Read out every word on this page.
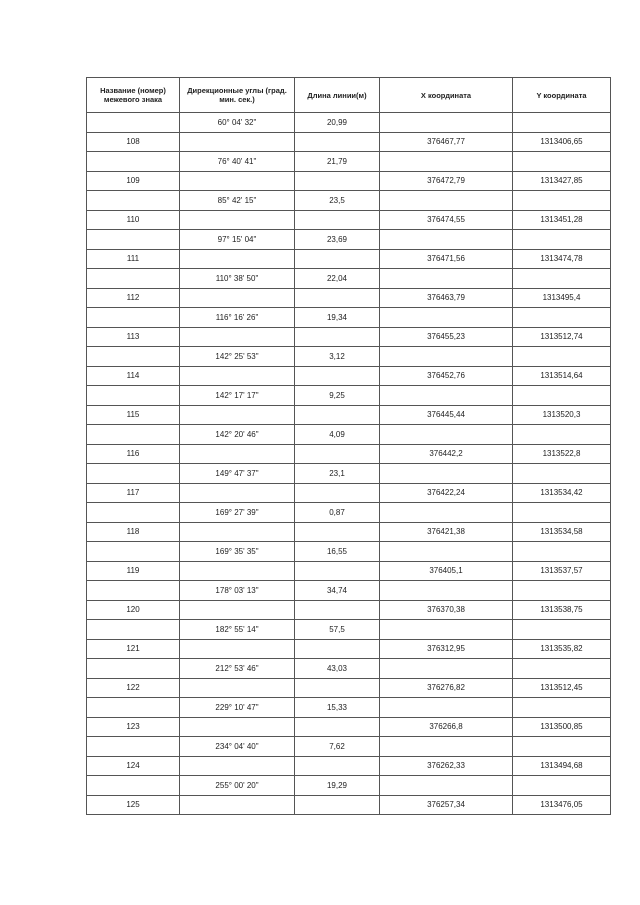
Название (номер) межевого знака	Дирекционные углы (град. мин. сек.)	Длина линии(м)	X координата	Y координата
	60° 04' 32"	20,99		
108			376467,77	1313406,65
	76° 40' 41"	21,79		
109			376472,79	1313427,85
	85° 42' 15"	23,5		
110			376474,55	1313451,28
	97° 15' 04"	23,69		
111			376471,56	1313474,78
	110° 38' 50"	22,04		
112			376463,79	1313495,4
	116° 16' 26"	19,34		
113			376455,23	1313512,74
	142° 25' 53"	3,12		
114			376452,76	1313514,64
	142° 17' 17"	9,25		
115			376445,44	1313520,3
	142° 20' 46"	4,09		
116			376442,2	1313522,8
	149° 47' 37"	23,1		
117			376422,24	1313534,42
	169° 27' 39"	0,87		
118			376421,38	1313534,58
	169° 35' 35"	16,55		
119			376405,1	1313537,57
	178° 03' 13"	34,74		
120			376370,38	1313538,75
	182° 55' 14"	57,5		
121			376312,95	1313535,82
	212° 53' 46"	43,03		
122			376276,82	1313512,45
	229° 10' 47"	15,33		
123			376266,8	1313500,85
	234° 04' 40"	7,62		
124			376262,33	1313494,68
	255° 00' 20"	19,29		
125			376257,34	1313476,05
